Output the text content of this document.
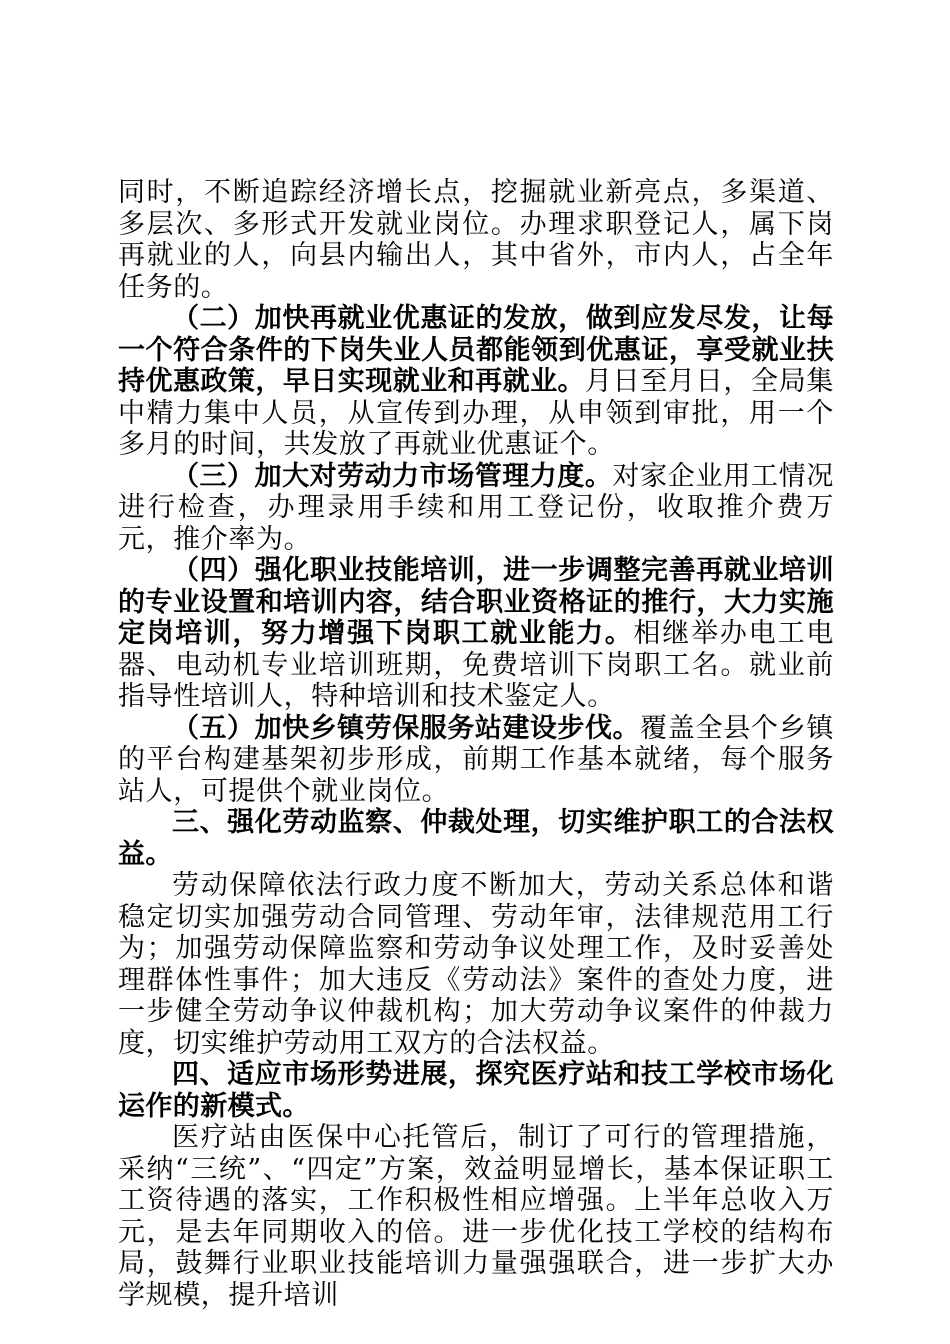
同时，不断追踪经济增长点，挖掘就业新亮点，多渠道、多层次、多形式开发就业岗位。办理求职登记人，属下岗再就业的人，向县内输出人，其中省外，市内人，占全年任务的。

（二）加快再就业优惠证的发放，做到应发尽发，让每一个符合条件的下岗失业人员都能领到优惠证，享受就业扶持优惠政策，早日实现就业和再就业。月日至月日，全局集中精力集中人员，从宣传到办理，从申领到审批，用一个多月的时间，共发放了再就业优惠证个。

（三）加大对劳动力市场管理力度。对家企业用工情况进行检查，办理录用手续和用工登记份，收取推介费万元，推介率为。

（四）强化职业技能培训，进一步调整完善再就业培训的专业设置和培训内容，结合职业资格证的推行，大力实施定岗培训，努力增强下岗职工就业能力。相继举办电工电器、电动机专业培训班期，免费培训下岗职工名。就业前指导性培训人，特种培训和技术鉴定人。

（五）加快乡镇劳保服务站建设步伐。覆盖全县个乡镇的平台构建基架初步形成，前期工作基本就绪，每个服务站人，可提供个就业岗位。

三、强化劳动监察、仲裁处理，切实维护职工的合法权益。

劳动保障依法行政力度不断加大，劳动关系总体和谐稳定切实加强劳动合同管理、劳动年审，法律规范用工行为；加强劳动保障监察和劳动争议处理工作，及时妥善处理群体性事件；加大违反《劳动法》案件的查处力度，进一步健全劳动争议仲裁机构；加大劳动争议案件的仲裁力度，切实维护劳动用工双方的合法权益。

四、适应市场形势进展，探究医疗站和技工学校市场化运作的新模式。

医疗站由医保中心托管后，制订了可行的管理措施，采纳“三统”、“四定”方案，效益明显增长，基本保证职工工资待遇的落实，工作积极性相应增强。上半年总收入万元，是去年同期收入的倍。进一步优化技工学校的结构布局，鼓舞行业职业技能培训力量强强联合，进一步扩大办学规模，提升培训
